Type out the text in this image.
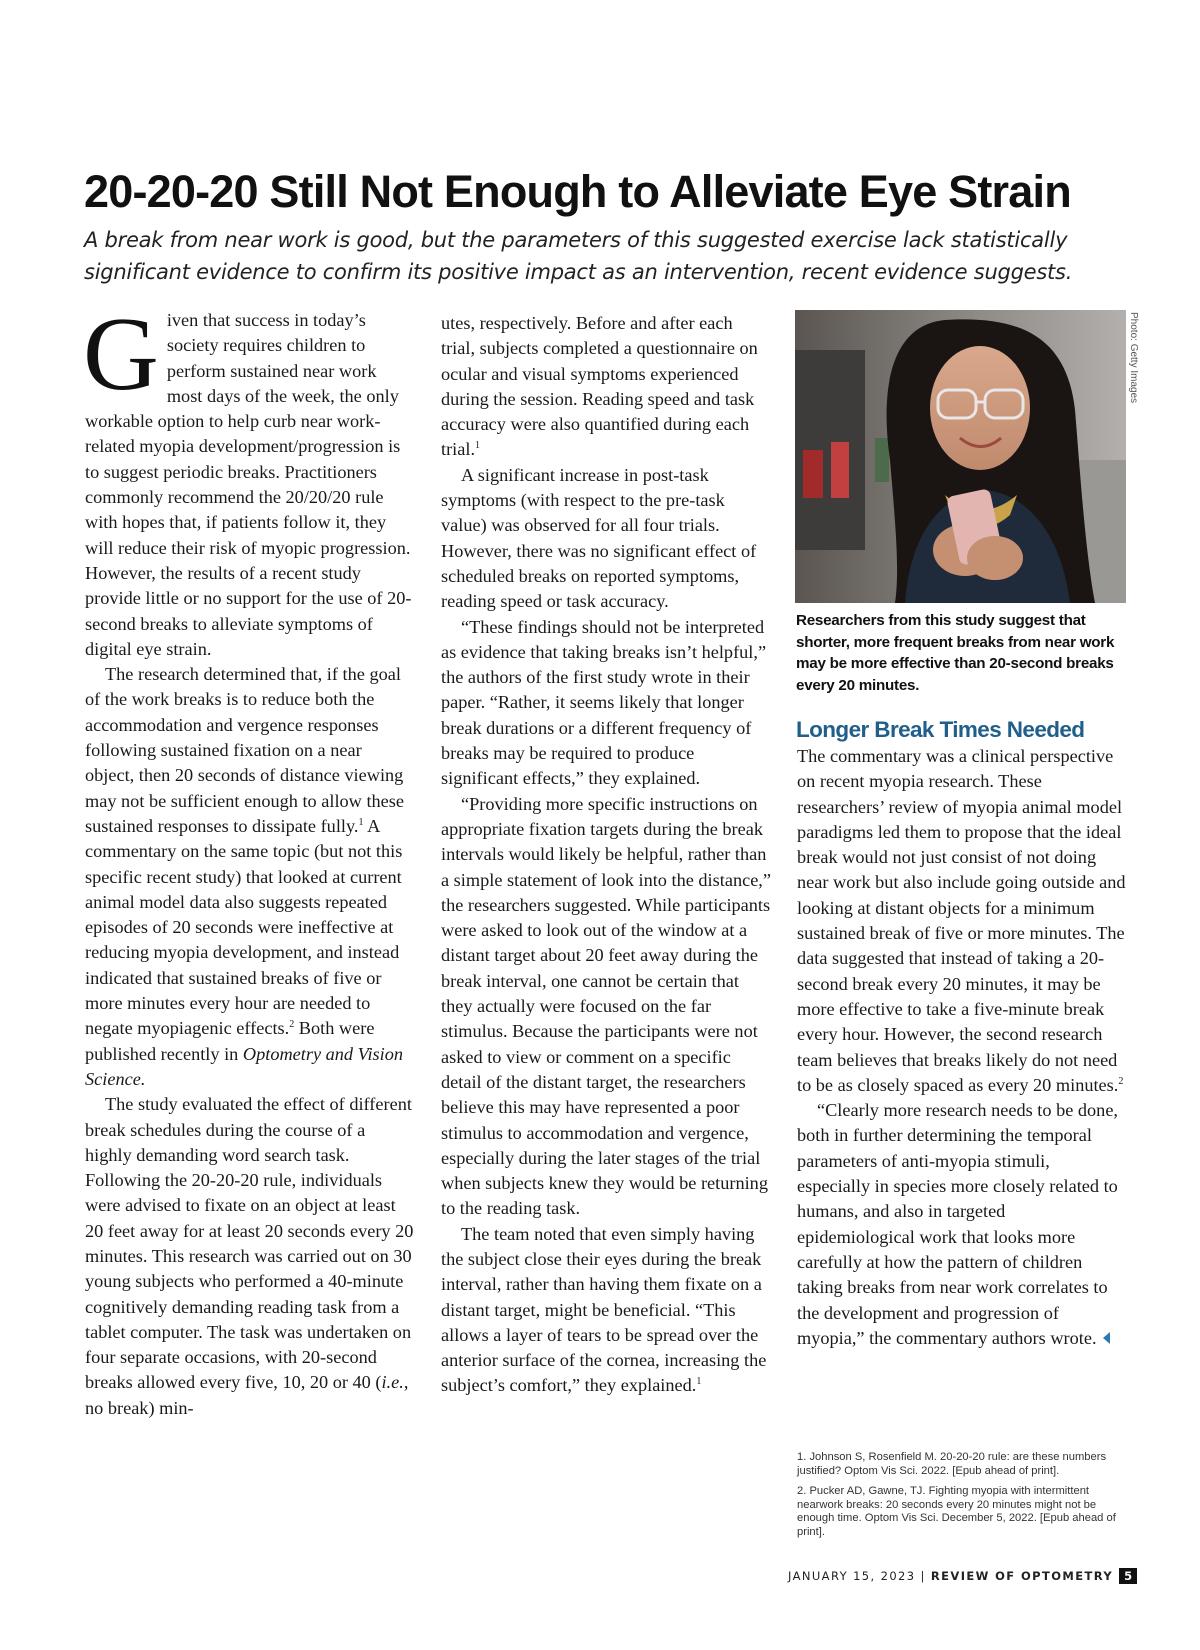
20-20-20 Still Not Enough to Alleviate Eye Strain

A break from near work is good, but the parameters of this suggested exercise lack statistically significant evidence to confirm its positive impact as an intervention, recent evidence suggests.

Given that success in today’s society requires children to perform sustained near work most days of the week, the only workable option to help curb near work-related myopia development/progression is to suggest periodic breaks. Practitioners commonly recommend the 20/20/20 rule with hopes that, if patients follow it, they will reduce their risk of myopic progression. However, the results of a recent study provide little or no support for the use of 20-second breaks to alleviate symptoms of digital eye strain.

The research determined that, if the goal of the work breaks is to reduce both the accommodation and vergence responses following sustained fixation on a near object, then 20 seconds of distance viewing may not be sufficient enough to allow these sustained responses to dissipate fully.$^1$ A commentary on the same topic (but not this specific recent study) that looked at current animal model data also suggests repeated episodes of 20 seconds were ineffective at reducing myopia development, and instead indicated that sustained breaks of five or more minutes every hour are needed to negate myopiagenic effects.$^2$ Both were published recently in Optometry and Vision Science.

The study evaluated the effect of different break schedules during the course of a highly demanding word search task. Following the 20-20-20 rule, individuals were advised to fixate on an object at least 20 feet away for at least 20 seconds every 20 minutes. This research was carried out on 30 young subjects who performed a 40-minute cognitively demanding reading task from a tablet computer. The task was undertaken on four separate occasions, with 20-second breaks allowed every five, 10, 20 or 40 (i.e., no break) min-

utes, respectively. Before and after each trial, subjects completed a questionnaire on ocular and visual symptoms experienced during the session. Reading speed and task accuracy were also quantified during each trial.$^1$

A significant increase in post-task symptoms (with respect to the pre-task value) was observed for all four trials. However, there was no significant effect of scheduled breaks on reported symptoms, reading speed or task accuracy.

“These findings should not be interpreted as evidence that taking breaks isn’t helpful,” the authors of the first study wrote in their paper. “Rather, it seems likely that longer break durations or a different frequency of breaks may be required to produce significant effects,” they explained.

“Providing more specific instructions on appropriate fixation targets during the break intervals would likely be helpful, rather than a simple statement of look into the distance,” the researchers suggested. While participants were asked to look out of the window at a distant target about 20 feet away during the break interval, one cannot be certain that they actually were focused on the far stimulus. Because the participants were not asked to view or comment on a specific detail of the distant target, the researchers believe this may have represented a poor stimulus to accommodation and vergence, especially during the later stages of the trial when subjects knew they would be returning to the reading task.

The team noted that even simply having the subject close their eyes during the break interval, rather than having them fixate on a distant target, might be beneficial. “This allows a layer of tears to be spread over the anterior surface of the cornea, increasing the subject’s comfort,” they explained.$^1$

Photo: Getty Images

Researchers from this study suggest that shorter, more frequent breaks from near work may be more effective than 20-second breaks every 20 minutes.

Longer Break Times Needed

The commentary was a clinical perspective on recent myopia research. These researchers’ review of myopia animal model paradigms led them to propose that the ideal break would not just consist of not doing near work but also include going outside and looking at distant objects for a minimum sustained break of five or more minutes. The data suggested that instead of taking a 20-second break every 20 minutes, it may be more effective to take a five-minute break every hour. However, the second research team believes that breaks likely do not need to be as closely spaced as every 20 minutes.$^2$

“Clearly more research needs to be done, both in further determining the temporal parameters of anti-myopia stimuli, especially in species more closely related to humans, and also in targeted epidemiological work that looks more carefully at how the pattern of children taking breaks from near work correlates to the development and progression of myopia,” the commentary authors wrote.

1. Johnson S, Rosenfield M. 20-20-20 rule: are these numbers justified? Optom Vis Sci. 2022. [Epub ahead of print].

2. Pucker AD, Gawne, TJ. Fighting myopia with intermittent nearwork breaks: 20 seconds every 20 minutes might not be enough time. Optom Vis Sci. December 5, 2022. [Epub ahead of print].

JANUARY 15, 2023 | REVIEW OF OPTOMETRY 5
